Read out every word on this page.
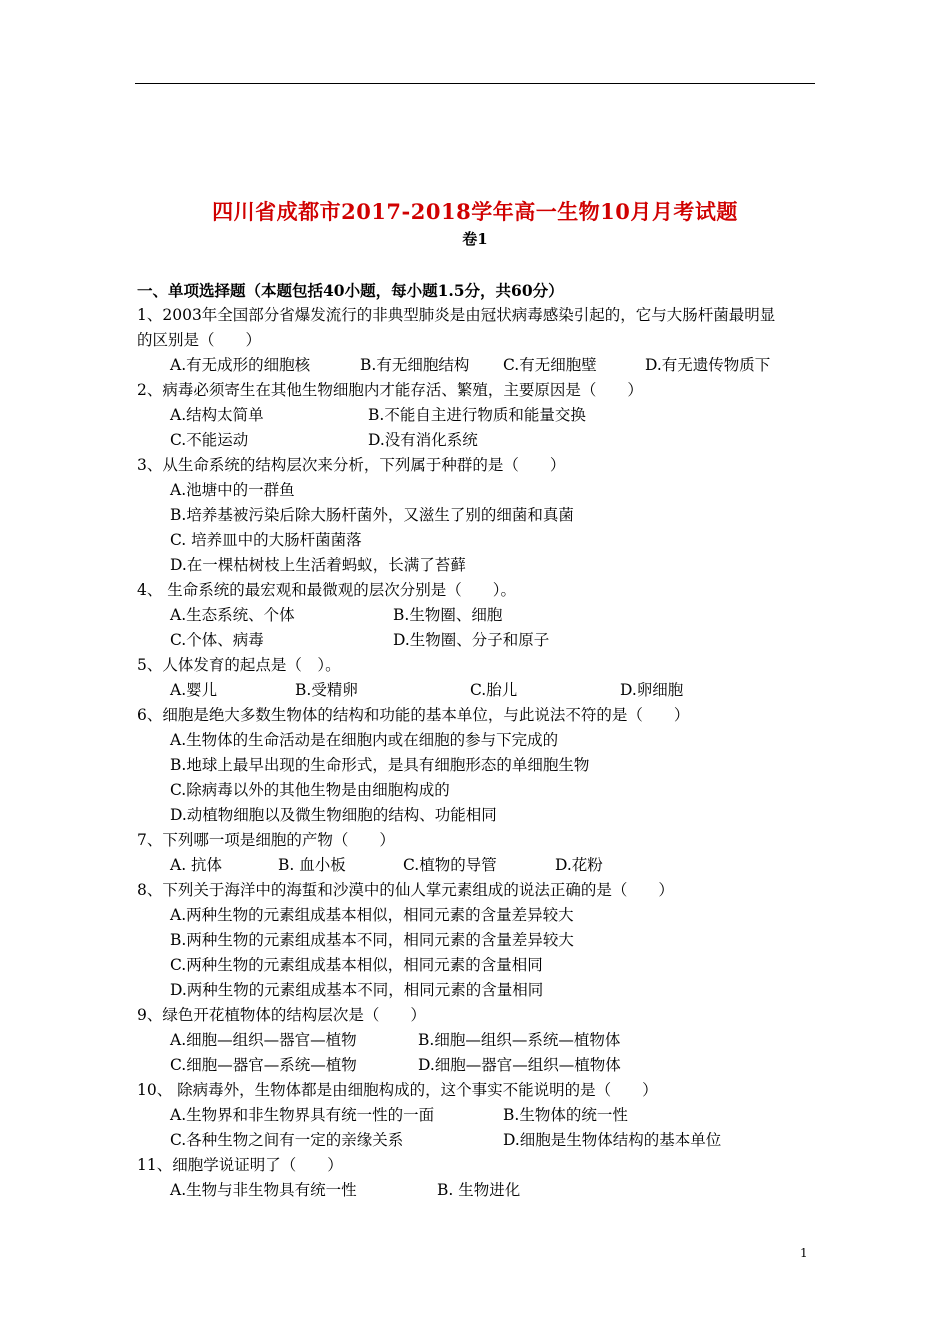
四川省成都市2017-2018学年高一生物10月月考试题
卷1
一、单项选择题（本题包括40小题，每小题1.5分，共60分）
1、2003年全国部分省爆发流行的非典型肺炎是由冠状病毒感染引起的，它与大肠杆菌最明显
的区别是（　　）
A.有无成形的细胞核	B.有无细胞结构 C.有无细胞壁	D.有无遗传物质下
2、病毒必须寄生在其他生物细胞内才能存活、繁殖，主要原因是（　　）
A.结构太简单	B.不能自主进行物质和能量交换
C.不能运动	D.没有消化系统
3、从生命系统的结构层次来分析，下列属于种群的是（　　）
A.池塘中的一群鱼
B.培养基被污染后除大肠杆菌外，又滋生了别的细菌和真菌
C. 培养皿中的大肠杆菌菌落
D.在一棵枯树枝上生活着蚂蚁，长满了苔藓
4、 生命系统的最宏观和最微观的层次分别是（　　）。
A.生态系统、个体	B.生物圈、细胞
C.个体、病毒	D.生物圈、分子和原子
5、人体发育的起点是（　）。
A.婴儿	B.受精卵	C.胎儿	D.卵细胞
6、细胞是绝大多数生物体的结构和功能的基本单位，与此说法不符的是（　　）
A.生物体的生命活动是在细胞内或在细胞的参与下完成的
B.地球上最早出现的生命形式，是具有细胞形态的单细胞生物
C.除病毒以外的其他生物是由细胞构成的
D.动植物细胞以及微生物细胞的结构、功能相同
7、下列哪一项是细胞的产物（　　）
A. 抗体	B. 血小板	C.植物的导管	D.花粉
8、下列关于海洋中的海蜇和沙漠中的仙人掌元素组成的说法正确的是（　　）
A.两种生物的元素组成基本相似，相同元素的含量差异较大
B.两种生物的元素组成基本不同，相同元素的含量差异较大
C.两种生物的元素组成基本相似，相同元素的含量相同
D.两种生物的元素组成基本不同，相同元素的含量相同
9、绿色开花植物体的结构层次是（　　）
A.细胞—组织—器官—植物	B.细胞—组织—系统—植物体
C.细胞—器官—系统—植物	D.细胞—器官—组织—植物体
10、 除病毒外，生物体都是由细胞构成的，这个事实不能说明的是（　　）
A.生物界和非生物界具有统一性的一面	B.生物体的统一性
C.各种生物之间有一定的亲缘关系	D.细胞是生物体结构的基本单位
11、细胞学说证明了（　　）
A.生物与非生物具有统一性	B. 生物进化
1
